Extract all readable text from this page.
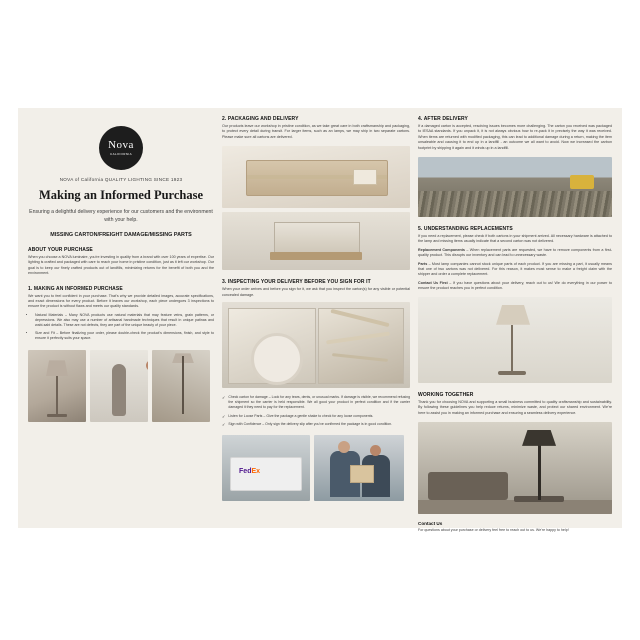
Nova
CALIFORNIA
NOVA of California QUALITY LIGHTING SINCE 1923
Making an Informed Purchase
Ensuring a delightful delivery experience for our customers and the environment with your help.
MISSING CARTON/FREIGHT DAMAGE/MISSING PARTS
ABOUT YOUR PURCHASE
When you choose a NOVA luminaire, you're investing in quality from a brand with over 100 years of expertise. Our lighting is crafted and packaged with care to reach your home in pristine condition, just as it left our workshop. Our goal is to keep our finely crafted products out of landfills, minimizing returns for the benefit of both you and the environment.
1. MAKING AN INFORMED PURCHASE
We want you to feel confident in your purchase. That's why we provide detailed images, accurate specifications, and exact dimensions for every product. Before it leaves our workshop, each piece undergoes 3 inspections to ensure the product is without flaws and meets our quality standards.
• Natural Materials – Many NOVA products use natural materials that may feature veins, grain patterns, or depressions. We also may use a number of artisanal handmade techniques that result in unique patinas and wabi-sabi details. These are not defects, they are part of the unique beauty of your piece.
• Size and Fit – Before finalizing your order, please double-check the product's dimensions, finish, and style to ensure it perfectly suits your space.
2. PACKAGING AND DELIVERY
Our products leave our workshop in pristine condition, as we take great care in both craftsmanship and packaging, to protect every detail during transit. For larger items, such as an lamps, we may ship in two separate cartons. Please make sure all cartons are delivered.
3. INSPECTING YOUR DELIVERY BEFORE YOU SIGN FOR IT
When your order arrives and before you sign for it, we ask that you inspect the carton(s) for any visible or potential concealed damage.
✓ Check carton for damage – Look for any tears, dents, or unusual marks. If damage is visible, we recommend refusing the shipment so the carrier is held responsible. We all good your product in perfect condition and if the carrier damaged it they need to pay for the replacement.
✓ Listen for Loose Parts – Give the package a gentle shake to check for any loose components.
✓ Sign with Confidence – Only sign the delivery slip after you've confirmed the package is in good condition.
FedEx
4. AFTER DELIVERY
If a damaged carton is accepted, resolving issues becomes more challenging. The carton you received was packaged to IESAA standards. If you unpack it, it is not always obvious how to re-pack it in precisely the way it was received. When items are returned with modified packaging, this can lead to additional damage during a return, making the item unsaleable and causing it to end up in a landfill - an outcome we all want to avoid. Now we increased the carbon footprint by shipping it again and it winds up in a landfill.
5. UNDERSTANDING REPLACEMENTS
If you need a replacement, please check if both cartons in your shipment arrived. All necessary hardware is attached to the lamp and missing items usually indicate that a second carton was not delivered.
Replacement Components – When replacement parts are requested, we have to remove components from a first-quality product. This disrupts our inventory and can lead to unnecessary waste.
Parts – Most lamp companies cannot stock unique parts of each product. If you are missing a part, it usually means that one of two cartons was not delivered. For this reason, it makes most sense to make a freight claim with the shipper and order a complete replacement.
Contact Us First – If you have questions about your delivery, reach out to us! We do everything in our power to ensure the product reaches you in perfect condition.
WORKING TOGETHER
Thank you for choosing NOVA and supporting a small business committed to quality craftsmanship and sustainability. By following these guidelines you help reduce returns, minimize waste, and protect our shared environment. We're here to assist you in making an informed purchase and ensuring a seamless delivery experience.
Contact Us
For questions about your purchase or delivery feel free to reach out to us. We're happy to help!
